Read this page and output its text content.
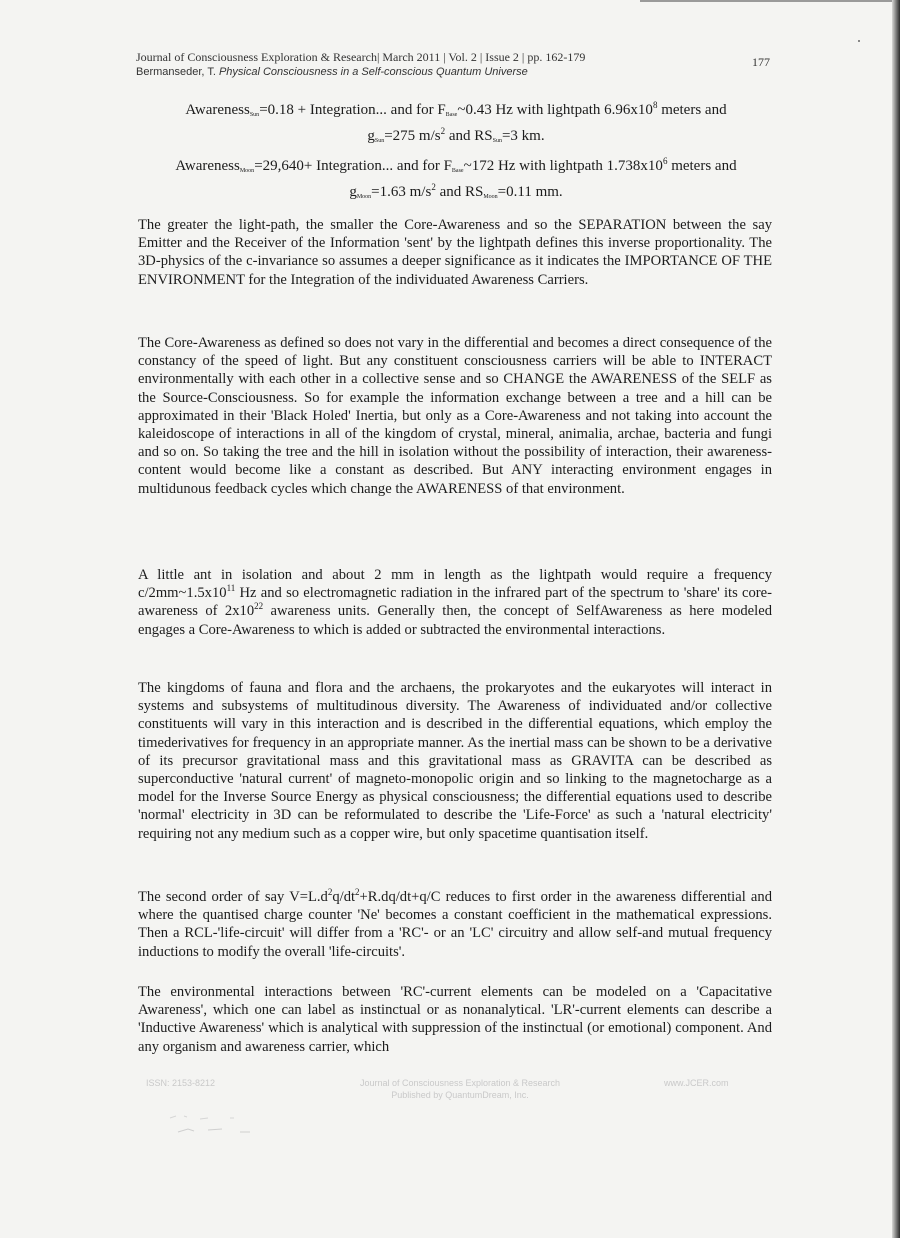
Journal of Consciousness Exploration & Research| March 2011 | Vol. 2 | Issue 2 | pp. 162-179
Bermanseder, T. Physical Consciousness in a Self-conscious Quantum Universe
177
Awareness$_{Sun}$=0.18 + Integration... and for $F_{Base}\sim 0.43$ Hz with lightpath $6.96x10^8$ meters and
$g_{Sun}=275$ $m/s^2$ and $RS_{Sun}=3$ km.
Awareness$_{Moon}$=29,640+ Integration... and for $F_{Base}\sim 172$ Hz with lightpath $1.738x10^6$ meters and
$g_{Moon}=1.63$ $m/s^2$ and $RS_{Moon}=0.11$ mm.

The greater the light-path, the smaller the Core-Awareness and so the SEPARATION between the say Emitter and the Receiver of the Information 'sent' by the lightpath defines this inverse proportionality. The 3D-physics of the c-invariance so assumes a deeper significance as it indicates the IMPORTANCE OF THE ENVIRONMENT for the Integration of the individuated Awareness Carriers.

The Core-Awareness as defined so does not vary in the differential and becomes a direct consequence of the constancy of the speed of light. But any constituent consciousness carriers will be able to INTERACT environmentally with each other in a collective sense and so CHANGE the AWARENESS of the SELF as the Source-Consciousness. So for example the information exchange between a tree and a hill can be approximated in their 'Black Holed' Inertia, but only as a Core-Awareness and not taking into account the kaleidoscope of interactions in all of the kingdom of crystal, mineral, animalia, archae, bacteria and fungi and so on. So taking the tree and the hill in isolation without the possibility of interaction, their awareness-content would become like a constant as described. But ANY interacting environment engages in multidunous feedback cycles which change the AWARENESS of that environment.

A little ant in isolation and about 2 mm in length as the lightpath would require a frequency $c/2mm\sim 1.5x10^{11}$ Hz and so electromagnetic radiation in the infrared part of the spectrum to 'share' its core-awareness of $2x10^{22}$ awareness units. Generally then, the concept of SelfAwareness as here modeled engages a Core-Awareness to which is added or subtracted the environmental interactions.

The kingdoms of fauna and flora and the archaens, the prokaryotes and the eukaryotes will interact in systems and subsystems of multitudinous diversity. The Awareness of individuated and/or collective constituents will vary in this interaction and is described in the differential equations, which employ the timederivatives for frequency in an appropriate manner. As the inertial mass can be shown to be a derivative of its precursor gravitational mass and this gravitational mass as GRAVITA can be described as superconductive 'natural current' of magneto-monopolic origin and so linking to the magnetocharge as a model for the Inverse Source Energy as physical consciousness; the differential equations used to describe 'normal' electricity in 3D can be reformulated to describe the 'Life-Force' as such a 'natural electricity' requiring not any medium such as a copper wire, but only spacetime quantisation itself.

The second order of say $V=L.d^2q/dt^2+R.dq/dt+q/C$ reduces to first order in the awareness differential and where the quantised charge counter 'Ne' becomes a constant coefficient in the mathematical expressions. Then a RCL-'life-circuit' will differ from a 'RC'- or an 'LC' circuitry and allow self-and mutual frequency inductions to modify the overall 'life-circuits'.

The environmental interactions between 'RC'-current elements can be modeled on a 'Capacitative Awareness', which one can label as instinctual or as nonanalytical. 'LR'-current elements can describe a 'Inductive Awareness' which is analytical with suppression of the instinctual (or emotional) component. And any organism and awareness carrier, which

ISSN: 2153-8212	Journal of Consciousness Exploration & Research
Published by QuantumDream, Inc.
www.JCER.com
